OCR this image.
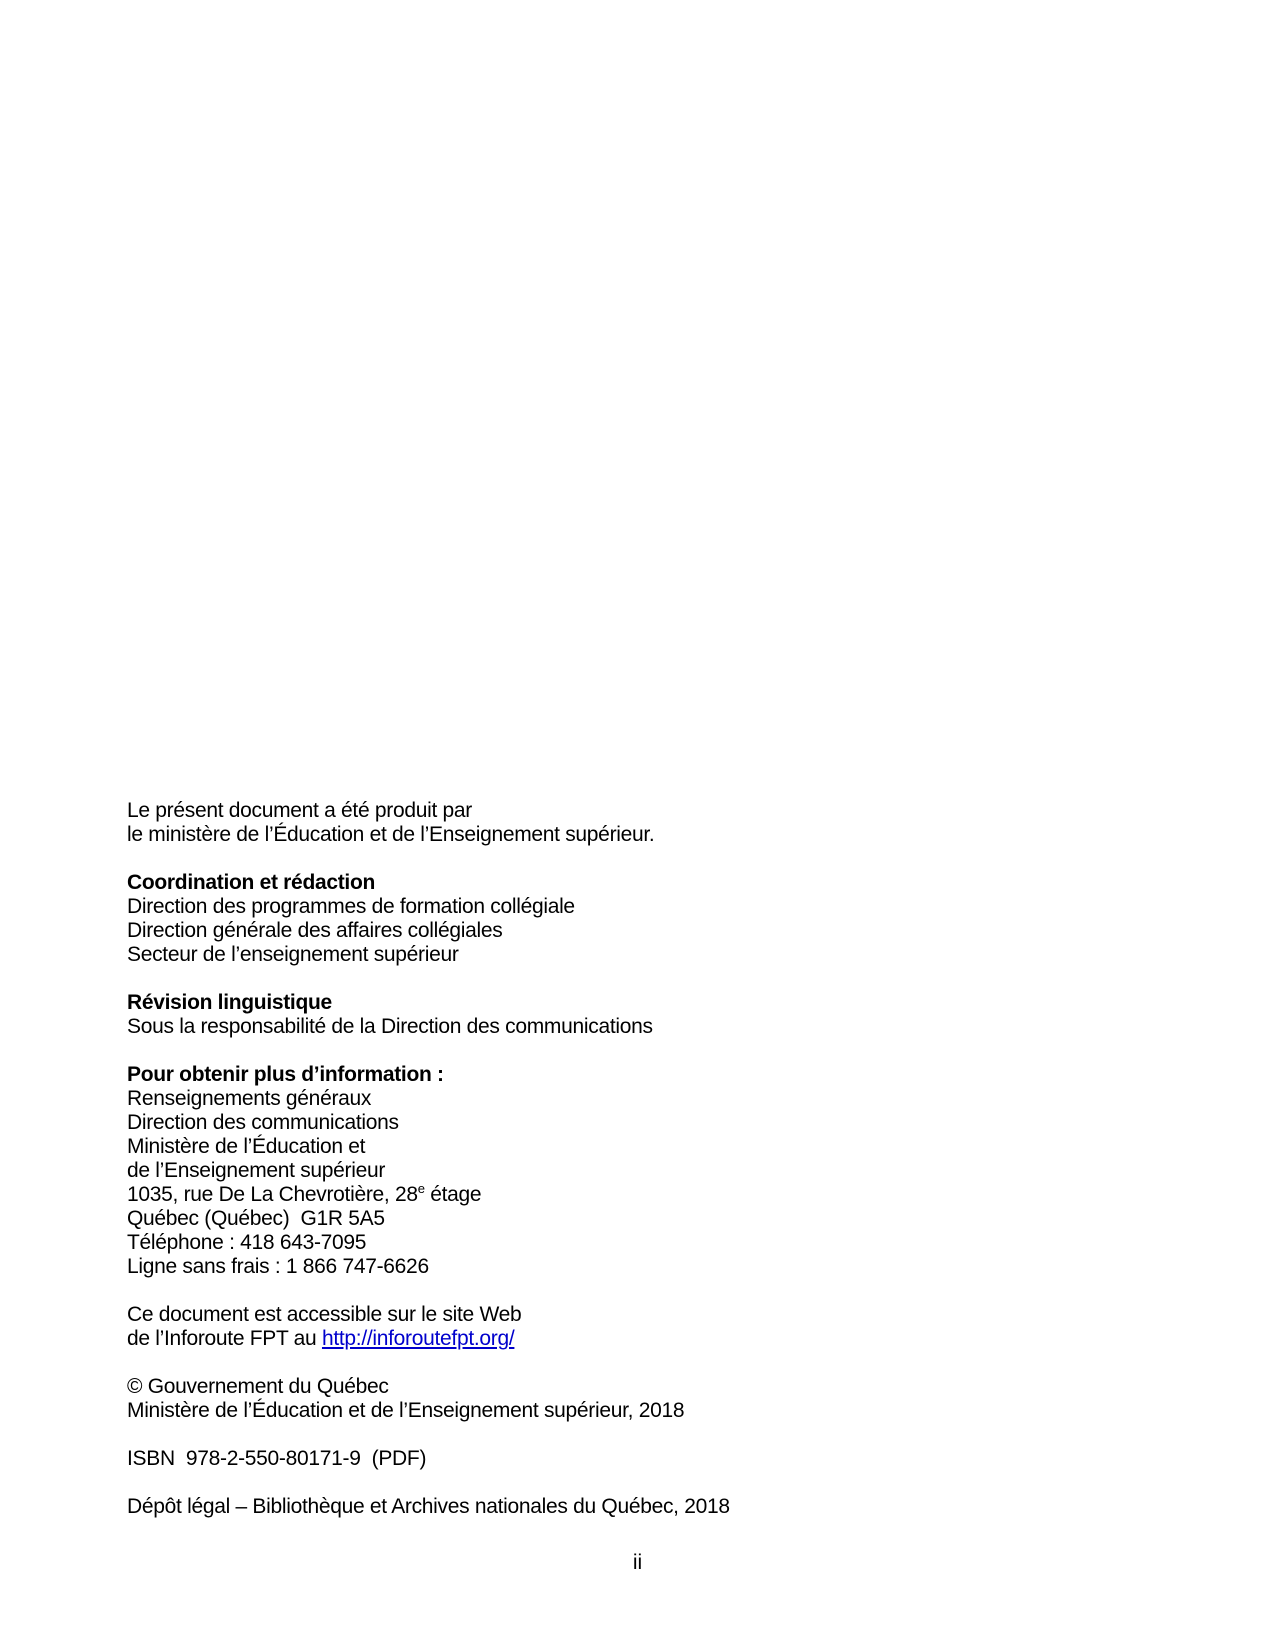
Le présent document a été produit par
le ministère de l’Éducation et de l’Enseignement supérieur.
Coordination et rédaction
Direction des programmes de formation collégiale
Direction générale des affaires collégiales
Secteur de l’enseignement supérieur
Révision linguistique
Sous la responsabilité de la Direction des communications
Pour obtenir plus d’information :
Renseignements généraux
Direction des communications
Ministère de l’Éducation et
de l’Enseignement supérieur
1035, rue De La Chevrotière, 28e étage
Québec (Québec)  G1R 5A5
Téléphone : 418 643-7095
Ligne sans frais : 1 866 747-6626
Ce document est accessible sur le site Web
de l’Inforoute FPT au http://inforoutefpt.org/
© Gouvernement du Québec
Ministère de l’Éducation et de l’Enseignement supérieur, 2018
ISBN  978-2-550-80171-9  (PDF)
Dépôt légal – Bibliothèque et Archives nationales du Québec, 2018
ii
